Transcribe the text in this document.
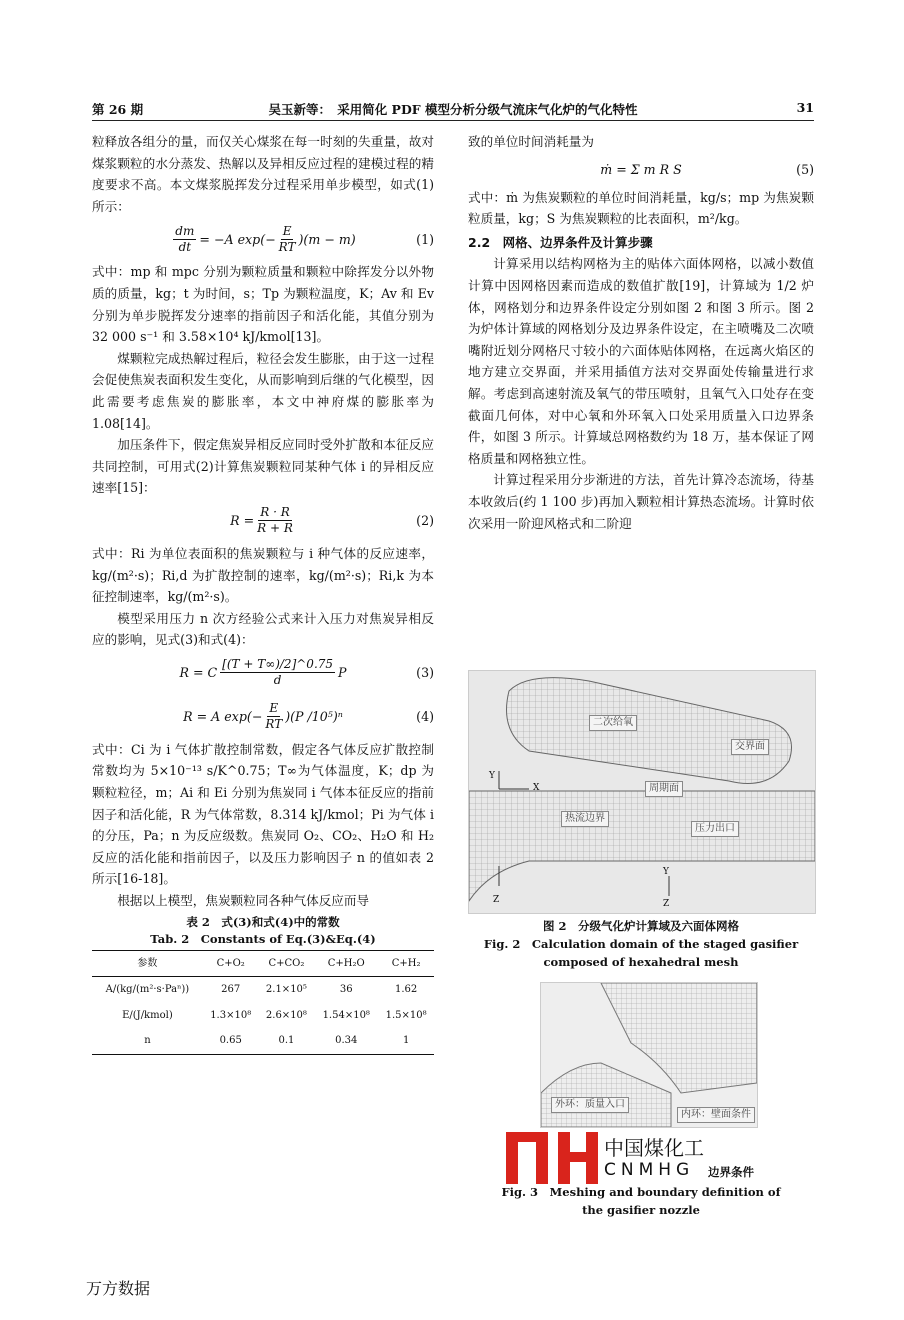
第 26 期	吴玉新等：　采用简化 PDF 模型分析分级气流床气化炉的气化特性	31

粒释放各组分的量，而仅关心煤浆在每一时刻的失重量，故对煤浆颗粒的水分蒸发、热解以及异相反应过程的建模过程的精度要求不高。本文煤浆脱挥发分过程采用单步模型，如式(1)所示：

$\frac{dm}{dt} = -A$
$\exp(- \frac{E}{RT} )(m - m)$	(1)

式中：mp 和 mpc 分别为颗粒质量和颗粒中除挥发分以外物质的质量，kg；t 为时间，s；Tp 为颗粒温度，K；Av 和 Ev 分别为单步脱挥发分速率的指前因子和活化能，其值分别为 32 000 s⁻¹ 和 3.58×10⁴ kJ/kmol[13]。

煤颗粒完成热解过程后，粒径会发生膨胀，由于这一过程会促使焦炭表面积发生变化，从而影响到后继的气化模型，因此需要考虑焦炭的膨胀率，本文中神府煤的膨胀率为 1.08[14]。

加压条件下，假定焦炭异相反应同时受外扩散和本征反应共同控制，可用式(2)计算焦炭颗粒同某种气体 i 的异相反应速率[15]：

$R = \frac{R \cdot R}{R + R}$	(2)

式中：Ri 为单位表面积的焦炭颗粒与 i 种气体的反应速率，kg/(m²·s)；Ri,d 为扩散控制的速率，kg/(m²·s)；Ri,k 为本征控制速率，kg/(m²·s)。

模型采用压力 n 次方经验公式来计入压力对焦炭异相反应的影响，见式(3)和式(4)：

R = C $\frac{[(T + T\infty)/2]\^{}0.75}{d}$ P	(3)
R = A $\exp(- \frac{E}{RT} )(P$ /10⁵)ⁿ	(4)

式中：Ci 为 i 气体扩散控制常数，假定各气体反应扩散控制常数均为 5×10⁻¹³ s/K^0.75；T∞为气体温度，K；dp 为颗粒粒径，m；Ai 和 Ei 分别为焦炭同 i 气体本征反应的指前因子和活化能，R 为气体常数，8.314 kJ/kmol；Pi 为气体 i 的分压，Pa；n 为反应级数。焦炭同 O₂、CO₂、H₂O 和 H₂ 反应的活化能和指前因子，以及压力影响因子 n 的值如表 2 所示[16-18]。

根据以上模型，焦炭颗粒同各种气体反应而导

表 2　式(3)和式(4)中的常数
Tab. 2　Constants of Eq.(3)&Eq.(4)
参数	C+O₂	C+CO₂	C+H₂O	C+H₂
A/(kg/(m²·s·Paⁿ))	267	2.1×10⁵	36	1.62
E/(J/kmol)	1.3×10⁸	2.6×10⁸	1.54×10⁸	1.5×10⁸
n	0.65	0.1	0.34	1

致的单位时间消耗量为

ṁ = Σ m R S	(5)

式中：ṁ 为焦炭颗粒的单位时间消耗量，kg/s；mp 为焦炭颗粒质量，kg；S 为焦炭颗粒的比表面积，m²/kg。

2.2　网格、边界条件及计算步骤

计算采用以结构网格为主的贴体六面体网格，以减小数值计算中因网格因素而造成的数值扩散[19]，计算域为 1/2 炉体，网格划分和边界条件设定分别如图 2 和图 3 所示。图 2 为炉体计算域的网格划分及边界条件设定，在主喷嘴及二次喷嘴附近划分网格尺寸较小的六面体贴体网格，在远离火焰区的地方建立交界面，并采用插值方法对交界面处传输量进行求解。考虑到高速射流及氧气的带压喷射，且氧气入口处存在变截面几何体，对中心氧和外环氧入口处采用质量入口边界条件，如图 3 所示。计算域总网格数约为 18 万，基本保证了网格质量和网格独立性。

计算过程采用分步渐进的方法，首先计算冷态流场，待基本收敛后(约 1 100 步)再加入颗粒相计算热态流场。计算时依次采用一阶迎风格式和二阶迎

二次给氧
交界面
周期面
热流边界
压力出口
Y
X
Z
Y
Z
图 2　分级气化炉计算域及六面体网格
Fig. 2　Calculation domain of the staged gasifier
composed of hexahedral mesh
外环：质量入口
内环：壁面条件
中国煤化工
CNMHG 边界条件
Fig. 3　Meshing and boundary definition of
the gasifier nozzle
万方数据
